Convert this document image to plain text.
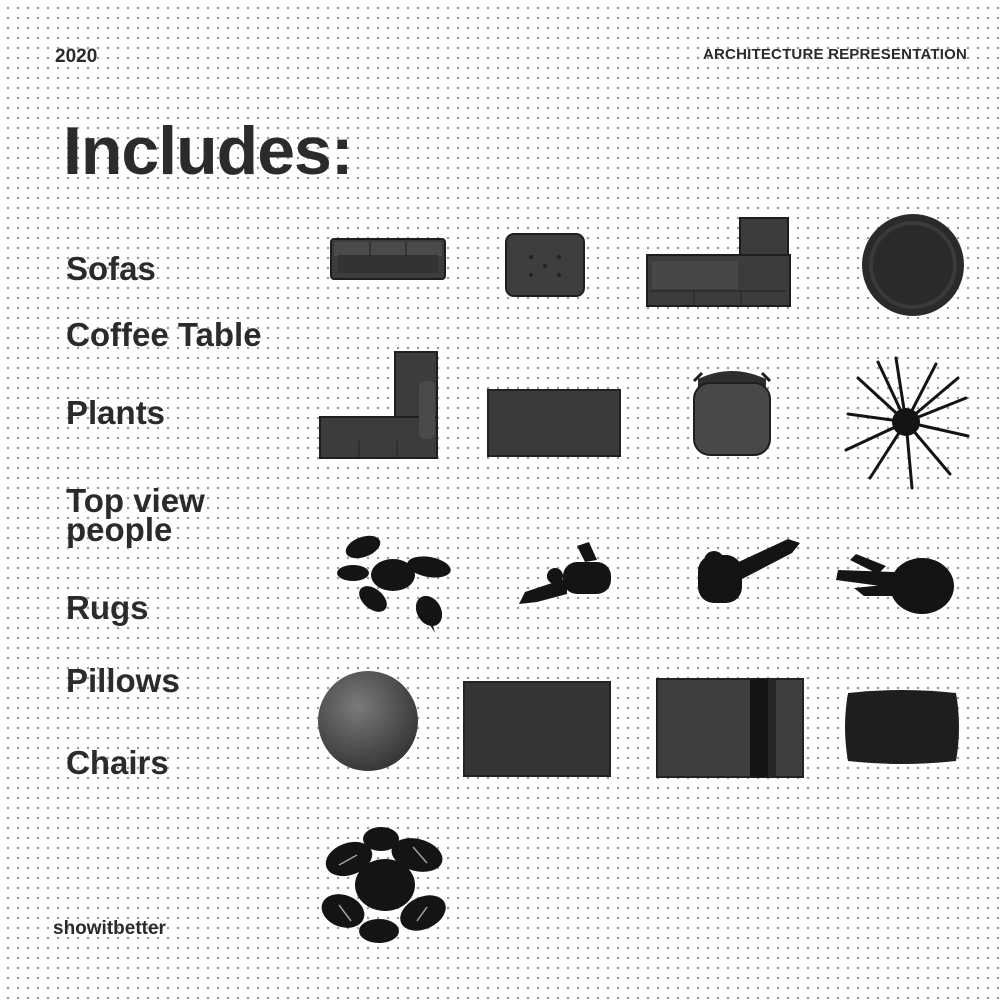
2020	ARCHITECTURE REPRESENTATION
Includes:
Sofas
Coffee Table
Plants
Top view
people
Rugs
Pillows
Chairs
showitbetter
